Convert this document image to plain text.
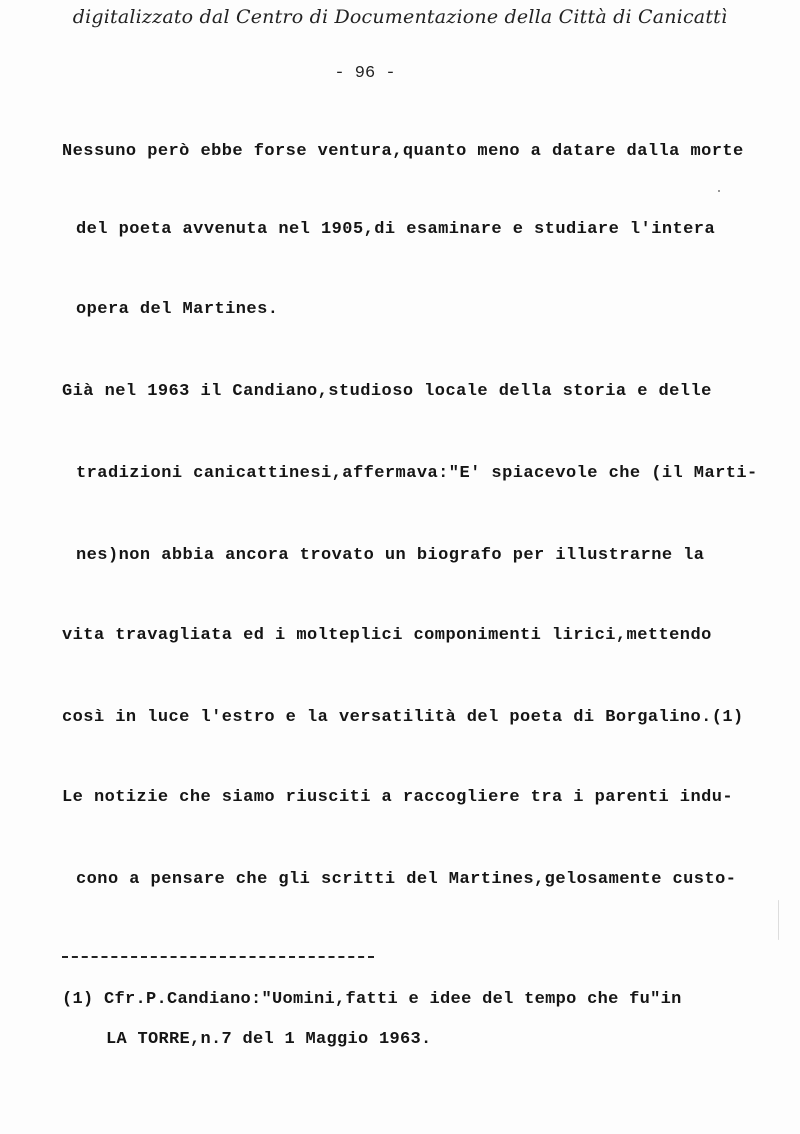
digitalizzato dal Centro di Documentazione della Città di Canicattì
- 96 -
Nessuno però ebbe forse ventura,quanto meno a datare dalla morte
del poeta avvenuta nel 1905,di esaminare e studiare l'intera
opera del Martines.
Già nel 1963 il Candiano,studioso locale della storia e delle
tradizioni canicattinesi,affermava:"E' spiacevole che (il Marti-
nes)non abbia ancora trovato un biografo per illustrarne la
vita travagliata ed i molteplici componimenti lirici,mettendo
così in luce l'estro e la versatilità del poeta di Borgalino.(1)
Le notizie che siamo riusciti a raccogliere tra i parenti indu-
cono a pensare che gli scritti del Martines,gelosamente custo-
(1) Cfr.P.Candiano:"Uomini,fatti e idee del tempo che fu"in
LA TORRE,n.7 del 1 Maggio 1963.
